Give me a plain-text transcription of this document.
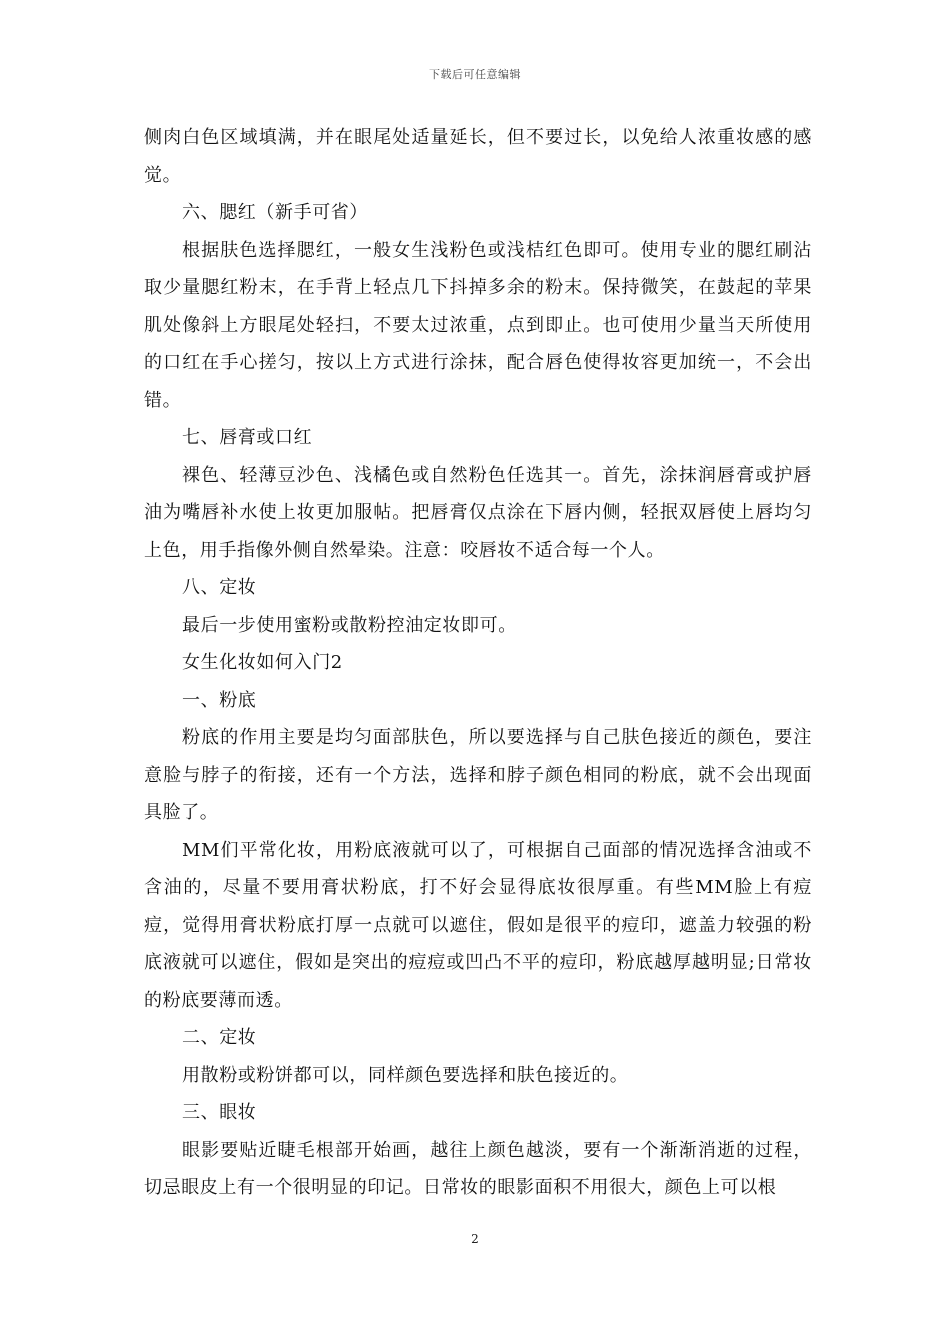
下载后可任意编辑

侧肉白色区域填满，并在眼尾处适量延长，但不要过长，以免给人浓重妆感的感觉。

六、腮红（新手可省）

根据肤色选择腮红，一般女生浅粉色或浅桔红色即可。使用专业的腮红刷沾取少量腮红粉末，在手背上轻点几下抖掉多余的粉末。保持微笑，在鼓起的苹果肌处像斜上方眼尾处轻扫，不要太过浓重，点到即止。也可使用少量当天所使用的口红在手心搓匀，按以上方式进行涂抹，配合唇色使得妆容更加统一，不会出错。

七、唇膏或口红

裸色、轻薄豆沙色、浅橘色或自然粉色任选其一。首先，涂抹润唇膏或护唇油为嘴唇补水使上妆更加服帖。把唇膏仅点涂在下唇内侧，轻抿双唇使上唇均匀上色，用手指像外侧自然晕染。注意：咬唇妆不适合每一个人。

八、定妆

最后一步使用蜜粉或散粉控油定妆即可。

女生化妆如何入门2

一、粉底

粉底的作用主要是均匀面部肤色，所以要选择与自己肤色接近的颜色，要注意脸与脖子的衔接，还有一个方法，选择和脖子颜色相同的粉底，就不会出现面具脸了。

MM们平常化妆，用粉底液就可以了，可根据自己面部的情况选择含油或不含油的，尽量不要用膏状粉底，打不好会显得底妆很厚重。有些MM脸上有痘痘，觉得用膏状粉底打厚一点就可以遮住，假如是很平的痘印，遮盖力较强的粉底液就可以遮住，假如是突出的痘痘或凹凸不平的痘印，粉底越厚越明显;日常妆的粉底要薄而透。

二、定妆

用散粉或粉饼都可以，同样颜色要选择和肤色接近的。

三、眼妆

眼影要贴近睫毛根部开始画，越往上颜色越淡，要有一个渐渐消逝的过程，切忌眼皮上有一个很明显的印记。日常妆的眼影面积不用很大，颜色上可以根

2
